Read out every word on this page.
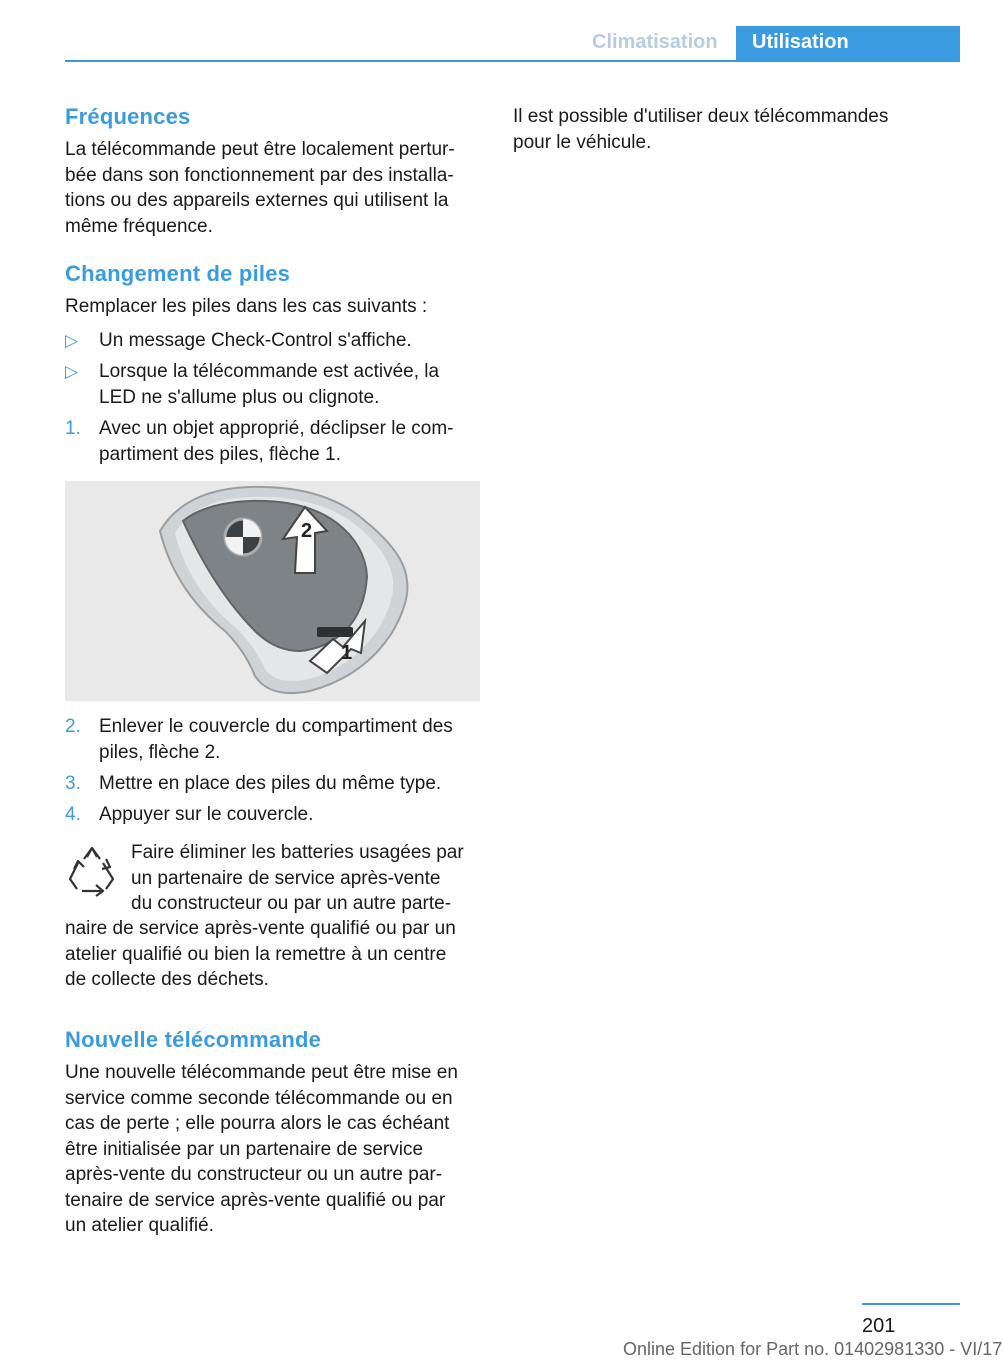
Climatisation	Utilisation
Fréquences
La télécommande peut être localement pertur‐
bée dans son fonctionnement par des installa‐
tions ou des appareils externes qui utilisent la
même fréquence.
Changement de piles
Remplacer les piles dans les cas suivants :
▷ Un message Check-Control s'affiche.
▷ Lorsque la télécommande est activée, la
LED ne s'allume plus ou clignote.
1. Avec un objet approprié, déclipser le com‐
partiment des piles, flèche 1.
2
1
2. Enlever le couvercle du compartiment des
piles, flèche 2.
3. Mettre en place des piles du même type.
4. Appuyer sur le couvercle.
Faire éliminer les batteries usagées par
un partenaire de service après-vente
du constructeur ou par un autre parte‐
naire de service après-vente qualifié ou par un
atelier qualifié ou bien la remettre à un centre
de collecte des déchets.
Nouvelle télécommande
Une nouvelle télécommande peut être mise en
service comme seconde télécommande ou en
cas de perte ; elle pourra alors le cas échéant
être initialisée par un partenaire de service
après-vente du constructeur ou un autre par‐
tenaire de service après-vente qualifié ou par
un atelier qualifié.
Il est possible d'utiliser deux télécommandes
pour le véhicule.
201
Online Edition for Part no. 01402981330 - VI/17
